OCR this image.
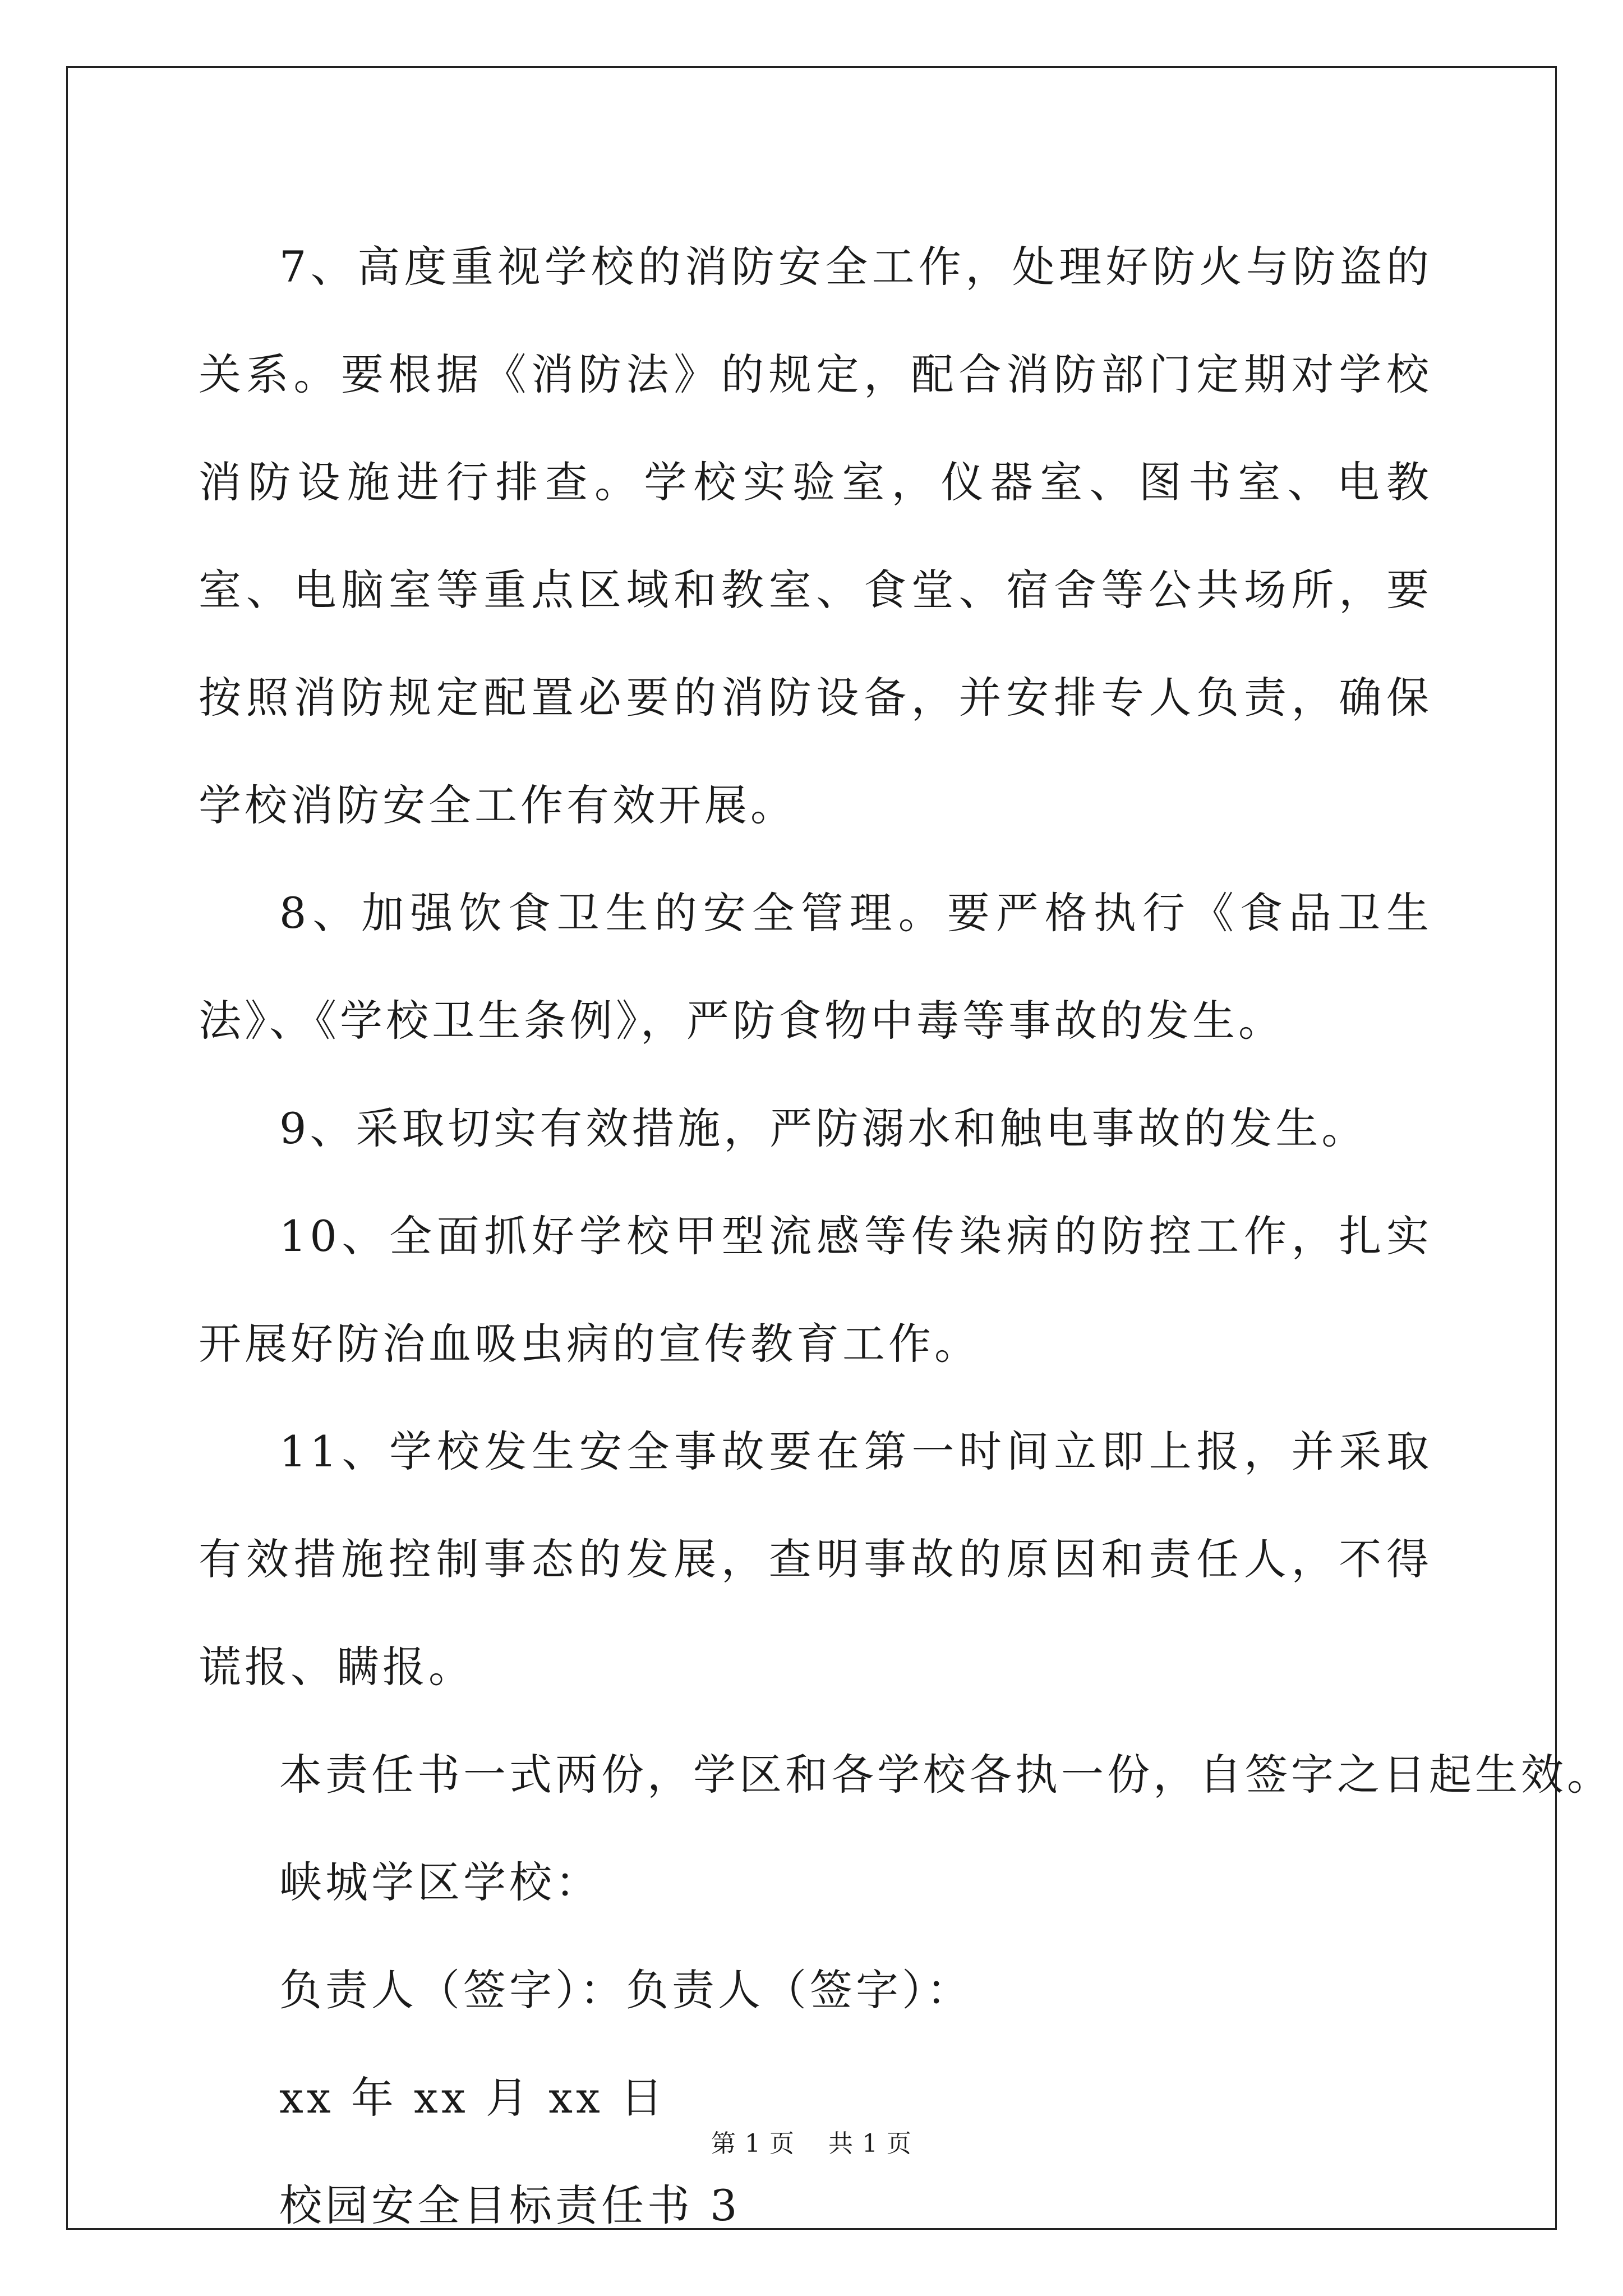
7、高度重视学校的消防安全工作，处理好防火与防盗的关系。要根据《消防法》的规定，配合消防部门定期对学校消防设施进行排查。学校实验室，仪器室、图书室、电教室、电脑室等重点区域和教室、食堂、宿舍等公共场所，要按照消防规定配置必要的消防设备，并安排专人负责，确保学校消防安全工作有效开展。

8、加强饮食卫生的安全管理。要严格执行《食品卫生法》、《学校卫生条例》，严防食物中毒等事故的发生。

9、采取切实有效措施，严防溺水和触电事故的发生。

10、全面抓好学校甲型流感等传染病的防控工作，扎实开展好防治血吸虫病的宣传教育工作。

11、学校发生安全事故要在第一时间立即上报，并采取有效措施控制事态的发展，查明事故的原因和责任人，不得谎报、瞒报。

本责任书一式两份，学区和各学校各执一份，自签字之日起生效。

峡城学区学校：

负责人（签字）：负责人（签字）：

xx 年 xx 月 xx 日

校园安全目标责任书 3

第 1 页    共 1 页
